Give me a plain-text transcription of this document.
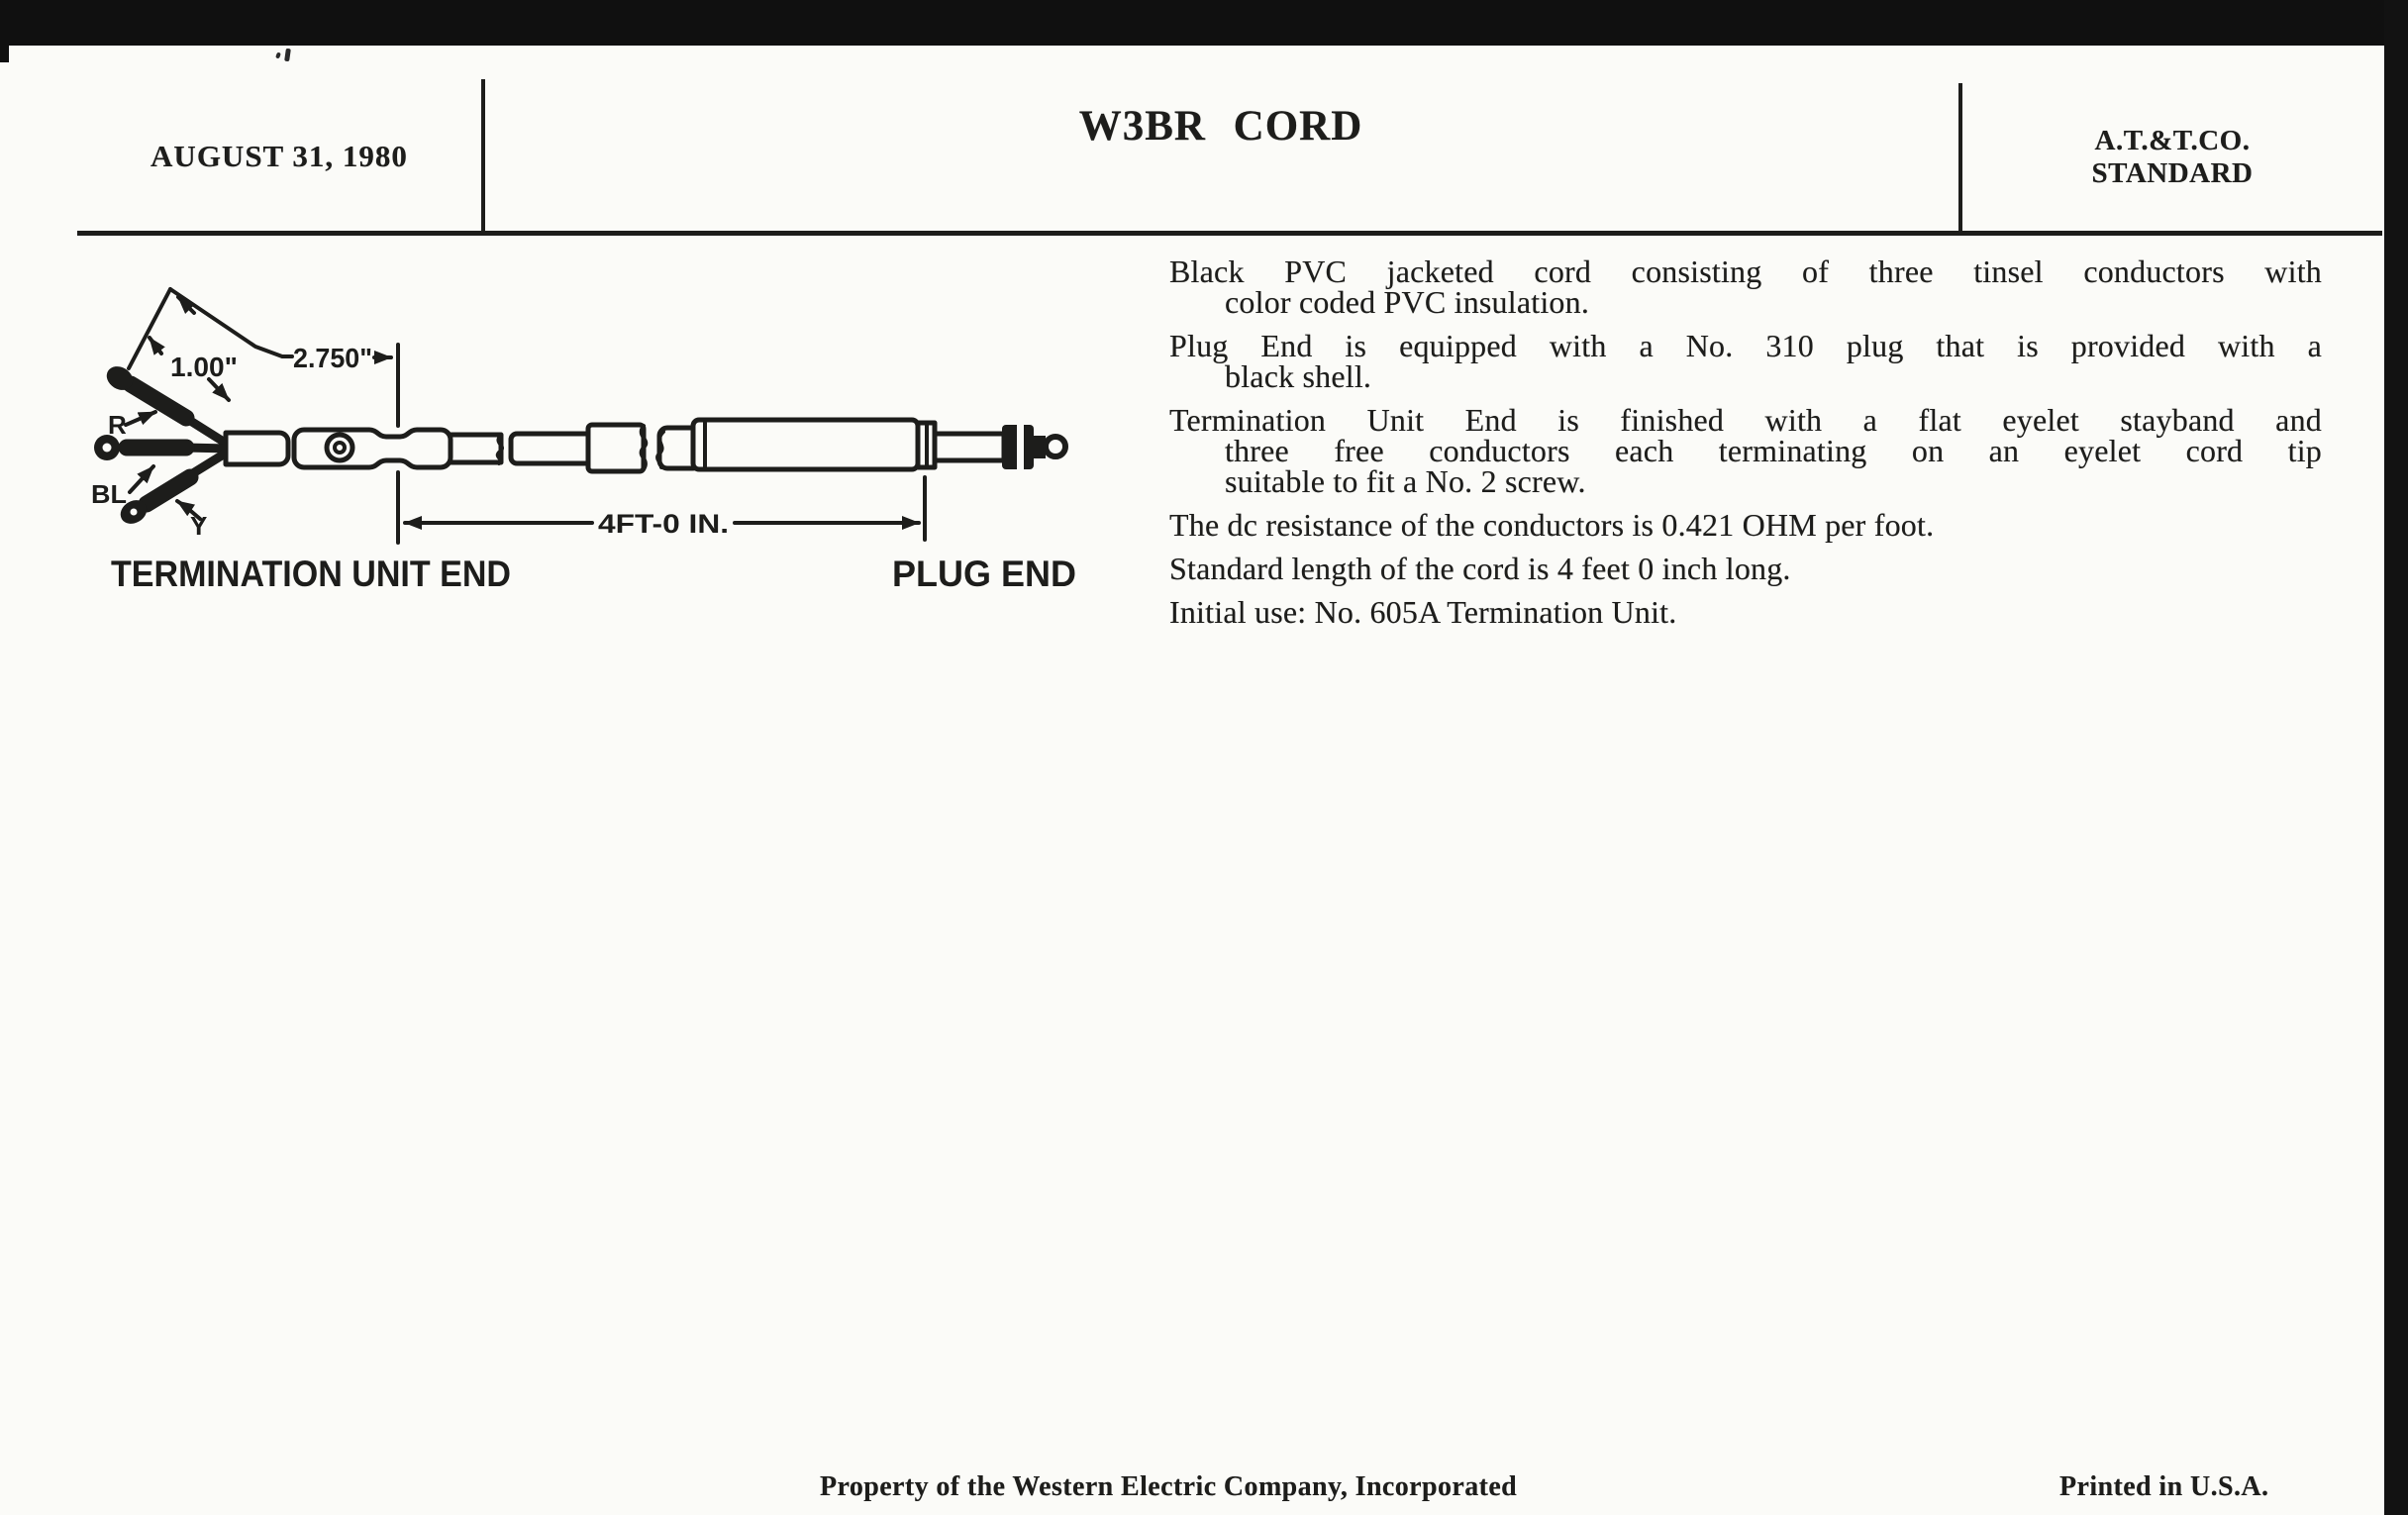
AUGUST 31, 1980
W3BR CORD	A.T.&T.CO.
STANDARD
R
BL
Y
1.00" 2.750"
4FT-0 IN.
TERMINATION UNIT END	PLUG END
Black PVC jacketed cord consisting of three tinsel conductors with
color coded PVC insulation.
Plug End is equipped with a No. 310 plug that is provided with a
black shell.
Termination Unit End is finished with a flat eyelet stayband and
three free conductors each terminating on an eyelet cord tip
suitable to fit a No. 2 screw.
The dc resistance of the conductors is 0.421 OHM per foot.
Standard length of the cord is 4 feet 0 inch long.
Initial use: No. 605A Termination Unit.
Property of the Western Electric Company, Incorporated	Printed in U.S.A.
